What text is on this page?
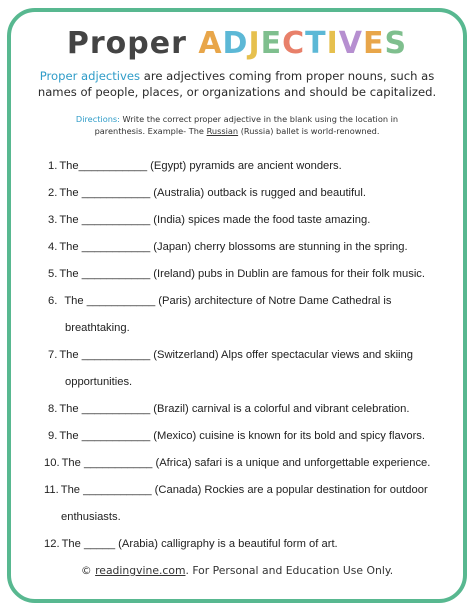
Proper ADJECTIVES
Proper adjectives are adjectives coming from proper nouns, such as
names of people, places, or organizations and should be capitalized.
Directions: Write the correct proper adjective in the blank using the location in
parenthesis. Example- The Russian (Russia) ballet is world-renowned.
1. The___________ (Egypt) pyramids are ancient wonders.
2. The ___________ (Australia) outback is rugged and beautiful.
3. The ___________ (India) spices made the food taste amazing.
4. The ___________ (Japan) cherry blossoms are stunning in the spring.
5. The ___________ (Ireland) pubs in Dublin are famous for their folk music.
6. The ___________ (Paris) architecture of Notre Dame Cathedral is
breathtaking.
7. The ___________ (Switzerland) Alps offer spectacular views and skiing
opportunities.
8. The ___________ (Brazil) carnival is a colorful and vibrant celebration.
9. The ___________ (Mexico) cuisine is known for its bold and spicy flavors.
10. The ___________ (Africa) safari is a unique and unforgettable experience.
11. The ___________ (Canada) Rockies are a popular destination for outdoor
enthusiasts.
12. The _____ (Arabia) calligraphy is a beautiful form of art.
© readingvine.com. For Personal and Education Use Only.
